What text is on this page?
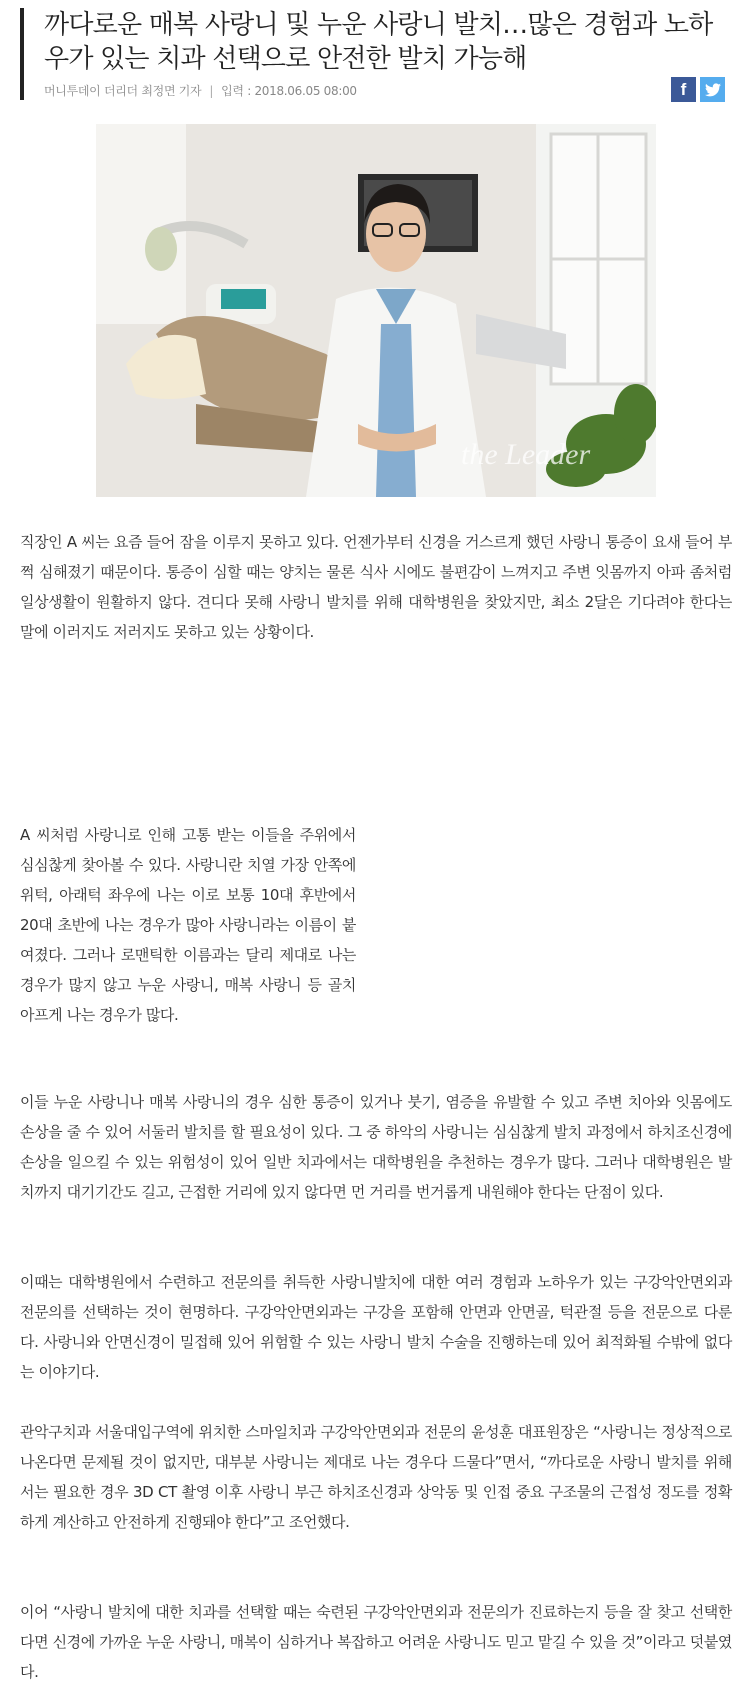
까다로운 매복 사랑니 및 누운 사랑니 발치…많은 경험과 노하우가 있는 치과 선택으로 안전한 발치 가능해
머니투데이 더리더 최정면 기자 | 입력 : 2018.06.05 08:00	f
the Leader

직장인 A 씨는 요즘 들어 잠을 이루지 못하고 있다. 언젠가부터 신경을 거스르게 했던 사랑니 통증이 요새 들어 부쩍 심해졌기 때문이다. 통증이 심할 때는 양치는 물론 식사 시에도 불편감이 느껴지고 주변 잇몸까지 아파 좀처럼 일상생활이 원활하지 않다. 견디다 못해 사랑니 발치를 위해 대학병원을 찾았지만, 최소 2달은 기다려야 한다는 말에 이러지도 저러지도 못하고 있는 상황이다.

A 씨처럼 사랑니로 인해 고통 받는 이들을 주위에서 심심찮게 찾아볼 수 있다. 사랑니란 치열 가장 안쪽에 위턱, 아래턱 좌우에 나는 이로 보통 10대 후반에서 20대 초반에 나는 경우가 많아 사랑니라는 이름이 붙여졌다. 그러나 로맨틱한 이름과는 달리 제대로 나는 경우가 많지 않고 누운 사랑니, 매복 사랑니 등 골치 아프게 나는 경우가 많다.

이들 누운 사랑니나 매복 사랑니의 경우 심한 통증이 있거나 붓기, 염증을 유발할 수 있고 주변 치아와 잇몸에도 손상을 줄 수 있어 서둘러 발치를 할 필요성이 있다. 그 중 하악의 사랑니는 심심찮게 발치 과정에서 하치조신경에 손상을 일으킬 수 있는 위험성이 있어 일반 치과에서는 대학병원을 추천하는 경우가 많다. 그러나 대학병원은 발치까지 대기기간도 길고, 근접한 거리에 있지 않다면 먼 거리를 번거롭게 내원해야 한다는 단점이 있다.

이때는 대학병원에서 수련하고 전문의를 취득한 사랑니발치에 대한 여러 경험과 노하우가 있는 구강악안면외과 전문의를 선택하는 것이 현명하다. 구강악안면외과는 구강을 포함해 안면과 안면골, 턱관절 등을 전문으로 다룬다. 사랑니와 안면신경이 밀접해 있어 위험할 수 있는 사랑니 발치 수술을 진행하는데 있어 최적화될 수밖에 없다는 이야기다.

관악구치과 서울대입구역에 위치한 스마일치과 구강악안면외과 전문의 윤성훈 대표원장은 “사랑니는 정상적으로 나온다면 문제될 것이 없지만, 대부분 사랑니는 제대로 나는 경우다 드물다”면서, “까다로운 사랑니 발치를 위해서는 필요한 경우 3D CT 촬영 이후 사랑니 부근 하치조신경과 상악동 및 인접 중요 구조물의 근접성 정도를 정확하게 계산하고 안전하게 진행돼야 한다”고 조언했다.

이어 “사랑니 발치에 대한 치과를 선택할 때는 숙련된 구강악안면외과 전문의가 진료하는지 등을 잘 찾고 선택한다면 신경에 가까운 누운 사랑니, 매복이 심하거나 복잡하고 어려운 사랑니도 믿고 맡길 수 있을 것”이라고 덧붙였다.
